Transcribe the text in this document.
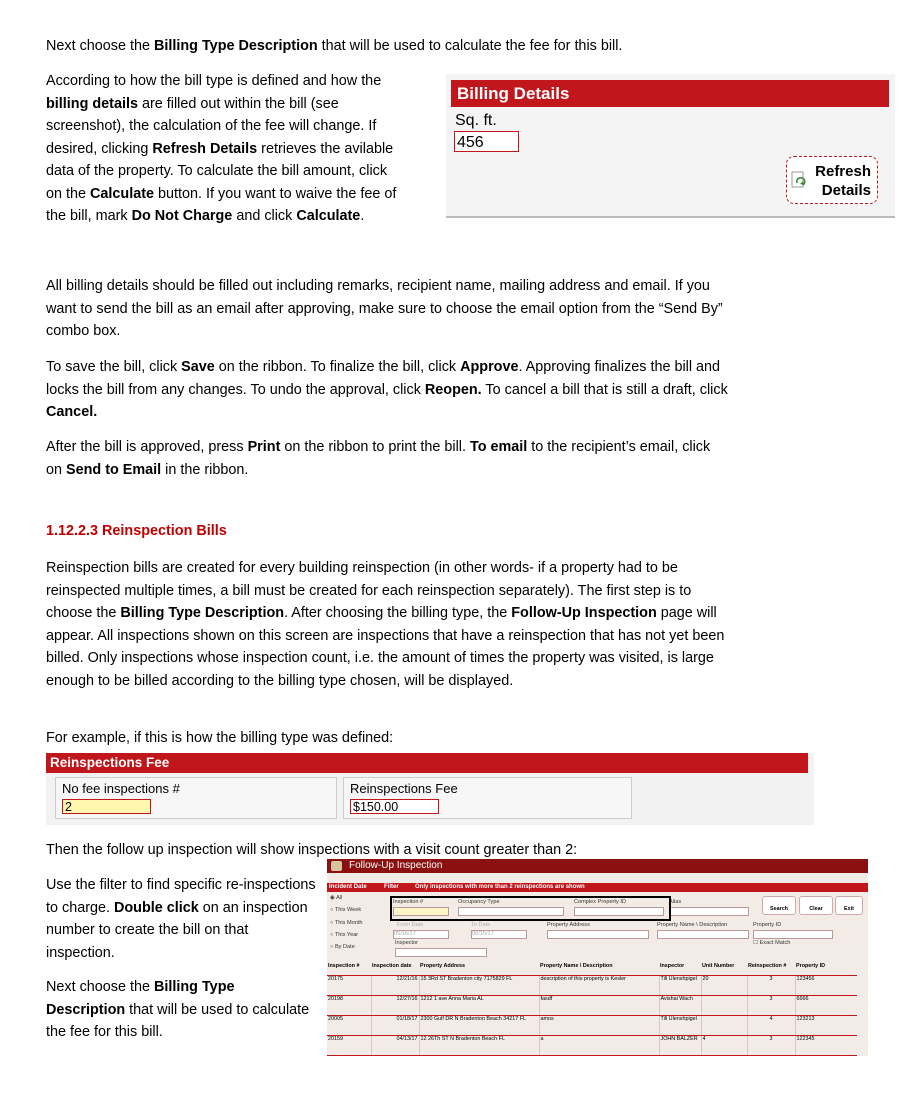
Next choose the Billing Type Description that will be used to calculate the fee for this bill.

According to how the bill type is defined and how the
billing details are filled out within the bill (see
screenshot), the calculation of the fee will change. If
desired, clicking Refresh Details retrieves the avilable
data of the property. To calculate the bill amount, click
on the Calculate button. If you want to waive the fee of
the bill, mark Do Not Charge and click Calculate.
Billing Details
Sq. ft.
456
Refresh
Details

All billing details should be filled out including remarks, recipient name, mailing address and email. If you want to send the bill as an email after approving, make sure to choose the email option from the “Send By” combo box.

To save the bill, click Save on the ribbon. To finalize the bill, click Approve. Approving finalizes the bill and locks the bill from any changes. To undo the approval, click Reopen. To cancel a bill that is still a draft, click Cancel.

After the bill is approved, press Print on the ribbon to print the bill. To email to the recipient’s email, click on Send to Email in the ribbon.

1.12.2.3 Reinspection Bills

Reinspection bills are created for every building reinspection (in other words- if a property had to be reinspected multiple times, a bill must be created for each reinspection separately). The first step is to choose the Billing Type Description. After choosing the billing type, the Follow-Up Inspection page will appear. All inspections shown on this screen are inspections that have a reinspection that has not yet been billed. Only inspections whose inspection count, i.e. the amount of times the property was visited, is large enough to be billed according to the billing type chosen, will be displayed.

For example, if this is how the billing type was defined:

Reinspections Fee
No fee inspections #
2
Reinspections Fee
$150.00

Then the follow up inspection will show inspections with a visit count greater than 2:

Use the filter to find specific re-inspections to charge. Double click on an inspection number to create the bill on that inspection.

Next choose the Billing Type Description that will be used to calculate the fee for this bill.

Follow-Up Inspection
Incident Date	Filter	Only inspections with more than 2 reinspections are shown
◉ All
○ This Week
○ This Month
○ This Year
○ By Date
Inspection #	Occupancy Type	Complex Property ID	Alias
Search	Clear	Exit
From Date	To Date
05/16/17	06/15/17
Property Address	Property Name \ Description	Property ID
☐ Exact Match
Inspector
Inspection #	Inspection date	Property Address	Property Name \ Description	Inspector	Unit Number	Reinspection #	Property ID
20175	12/21/16	15 3Rd ST Bradenton city 7175829 FL	description of this property is Kesler	Till Ulenshpigel	20	3	123456
20198	12/27/16	1212 1 ave Anna Maria AL	fasdf	Avishai Wach		3	6666
20005	01/18/17	2300 Gulf DR N Bradenton Beach 34217 FL	amos	Till Ulenshpigel		4	123213
20159	04/13/17	12 26Th ST N Bradenton Beach FL	a	JOHN BALZER	4	3	122345
